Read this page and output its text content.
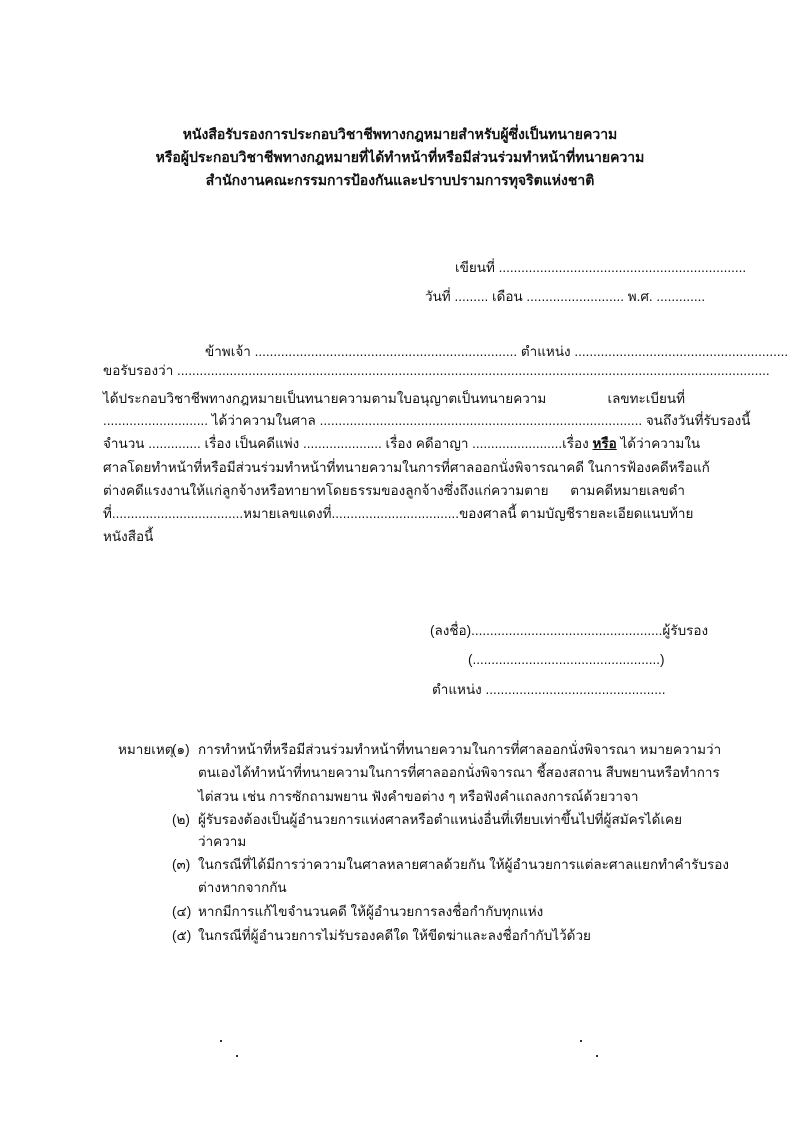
หนังสือรับรองการประกอบวิชาชีพทางกฎหมายสำหรับผู้ซึ่งเป็นทนายความ
หรือผู้ประกอบวิชาชีพทางกฎหมายที่ได้ทำหน้าที่หรือมีส่วนร่วมทำหน้าที่ทนายความ
สำนักงานคณะกรรมการป้องกันและปราบปรามการทุจริตแห่งชาติ
เขียนที่ ..................................................................
วันที่ ......... เดือน .......................... พ.ศ. .............
ข้าพเจ้า ...................................................................... ตำแหน่ง .........................................................
ขอรับรองว่า ..............................................................................................................................................................
ได้ประกอบวิชาชีพทางกฎหมายเป็นทนายความตามใบอนุญาตเป็นทนายความ เลขทะเบียนที่
............................ ได้ว่าความในศาล ...................................................................................... จนถึงวันที่รับรองนี้
จำนวน .............. เรื่อง เป็นคดีแพ่ง ..................... เรื่อง คดีอาญา ........................เรื่อง หรือ ได้ว่าความใน
ศาลโดยทำหน้าที่หรือมีส่วนร่วมทำหน้าที่ทนายความในการที่ศาลออกนั่งพิจารณาคดี ในการฟ้องคดีหรือแก้
ต่างคดีแรงงานให้แก่ลูกจ้างหรือทายาทโดยธรรมของลูกจ้างซึ่งถึงแก่ความตาย ตามคดีหมายเลขดำ
ที่...................................หมายเลขแดงที่..................................ของศาลนี้ ตามบัญชีรายละเอียดแนบท้าย
หนังสือนี้
(ลงชื่อ)...................................................ผู้รับรอง
(..................................................)
ตำแหน่ง ................................................
หมายเหตุ
(๑) การทำหน้าที่หรือมีส่วนร่วมทำหน้าที่ทนายความในการที่ศาลออกนั่งพิจารณา หมายความว่า
ตนเองได้ทำหน้าที่ทนายความในการที่ศาลออกนั่งพิจารณา ชี้สองสถาน สืบพยานหรือทำการ
ไต่สวน เช่น การซักถามพยาน ฟังคำขอต่าง ๆ หรือฟังคำแถลงการณ์ด้วยวาจา
(๒) ผู้รับรองต้องเป็นผู้อำนวยการแห่งศาลหรือตำแหน่งอื่นที่เทียบเท่าขึ้นไปที่ผู้สมัครได้เคย
ว่าความ
(๓) ในกรณีที่ได้มีการว่าความในศาลหลายศาลด้วยกัน ให้ผู้อำนวยการแต่ละศาลแยกทำคำรับรอง
ต่างหากจากกัน
(๔) หากมีการแก้ไขจำนวนคดี ให้ผู้อำนวยการลงชื่อกำกับทุกแห่ง
(๕) ในกรณีที่ผู้อำนวยการไม่รับรองคดีใด ให้ขีดฆ่าและลงชื่อกำกับไว้ด้วย
